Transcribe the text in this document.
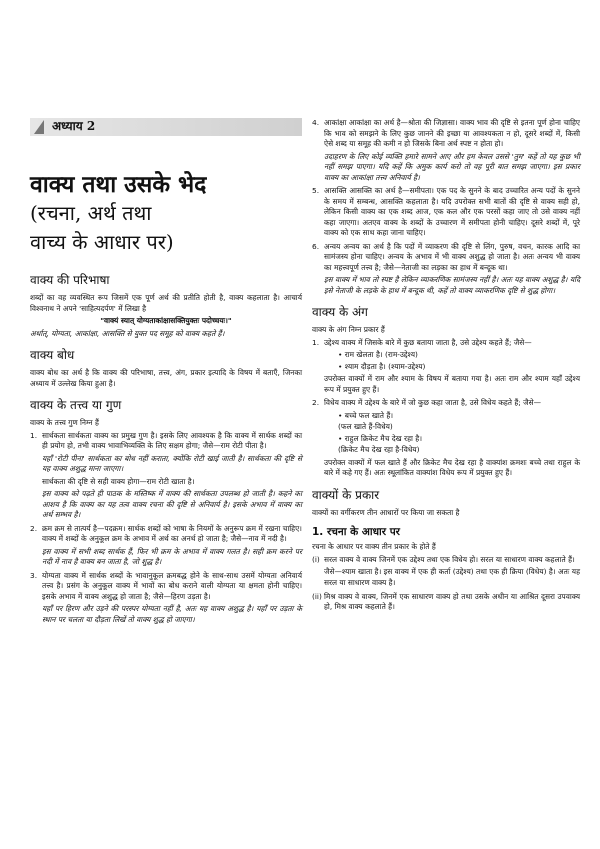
अध्याय 2
वाक्य तथा उसके भेद
(रचना, अर्थ तथा
वाच्य के आधार पर)
वाक्य की परिभाषा

शब्दों का वह व्यवस्थित रूप जिसमें एक पूर्ण अर्थ की प्रतीति होती है, वाक्य कहलाता है। आचार्य विश्वनाथ ने अपने 'साहित्यदर्पण' में लिखा है

"वाक्यं स्यात् योग्यताकांक्षासक्तियुक्तः पदोच्चयः।"

अर्थात्, योग्यता, आकांक्षा, आसक्ति से युक्त पद समूह को वाक्य कहते हैं।

वाक्य बोध

वाक्य बोध का अर्थ है कि वाक्य की परिभाषा, तत्त्व, अंग, प्रकार इत्यादि के विषय में बताएँ, जिनका अध्याय में उल्लेख किया हुआ है।

वाक्य के तत्त्व या गुण

वाक्य के तत्त्व गुण निम्न हैं

1. सार्थकता सार्थकता वाक्य का प्रमुख गुण है। इसके लिए आवश्यक है कि वाक्य में सार्थक शब्दों का ही प्रयोग हो, तभी वाक्य भावाभिव्यक्ति के लिए सक्षम होगा; जैसे—राम रोटी पीता है।

यहाँ 'रोटी पीना' सार्थकता का बोध नहीं कराता, क्योंकि रोटी खाई जाती है। सार्थकता की दृष्टि से यह वाक्य अशुद्ध माना जाएगा।

सार्थकता की दृष्टि से सही वाक्य होगा—राम रोटी खाता है।

इस वाक्य को पढ़ते ही पाठक के मस्तिष्क में वाक्य की सार्थकता उपलब्ध हो जाती है। कहने का आशय है कि वाक्य का यह तत्व वाक्य रचना की दृष्टि से अनिवार्य है। इसके अभाव में वाक्य का अर्थ सम्भव है।

2. क्रम क्रम से तात्पर्य है—पदक्रम। सार्थक शब्दों को भाषा के नियमों के अनुरूप क्रम में रखना चाहिए। वाक्य में शब्दों के अनुकूल क्रम के अभाव में अर्थ का अनर्थ हो जाता है; जैसे—नाव में नदी है।

इस वाक्य में सभी शब्द सार्थक हैं, फिर भी क्रम के अभाव में वाक्य गलत है। सही क्रम करने पर नदी में नाव है वाक्य बन जाता है, जो शुद्ध है।

3. योग्यता वाक्य में सार्थक शब्दों के भावानुकूल क्रमबद्ध होने के साथ-साथ उसमें योग्यता अनिवार्य तत्त्व है। प्रसंग के अनुकूल वाक्य में भावों का बोध कराने वाली योग्यता या क्षमता होनी चाहिए। इसके अभाव में वाक्य अशुद्ध हो जाता है; जैसे—हिरण उड़ता है।

यहाँ पर हिरण और उड़ने की परस्पर योग्यता नहीं है, अतः यह वाक्य अशुद्ध है। यहाँ पर उड़ता के स्थान पर चलता या दौड़ता लिखें तो वाक्य शुद्ध हो जाएगा।

4. आकांक्षा आकांक्षा का अर्थ है—श्रोता की जिज्ञासा। वाक्य भाव की दृष्टि से इतना पूर्ण होना चाहिए कि भाव को समझने के लिए कुछ जानने की इच्छा या आवश्यकता न हो, दूसरे शब्दों में, किसी ऐसे शब्द या समूह की कमी न हो जिसके बिना अर्थ स्पष्ट न होता हो।

उदाहरण के लिए कोई व्यक्ति हमारे सामने आए और हम केवल उससे 'तुम' कहें तो यह कुछ भी नहीं समझ पाएगा। यदि कहें कि अमुक कार्य करो तो वह पूरी बात समझ जाएगा। इस प्रकार वाक्य का आकांक्षा तत्त्व अनिवार्य है।

5. आसक्ति आसक्ति का अर्थ है—समीपता। एक पद के सुनने के बाद उच्चारित अन्य पदों के सुनने के समय में सम्बन्ध, आसक्ति कहलाता है। यदि उपरोक्त सभी बातों की दृष्टि से वाक्य सही हो, लेकिन किसी वाक्य का एक शब्द आज, एक कल और एक परसों कहा जाए तो उसे वाक्य नहीं कहा जाएगा। अतएव वाक्य के शब्दों के उच्चारण में समीपता होनी चाहिए। दूसरे शब्दों में, पूरे वाक्य को एक साथ कहा जाना चाहिए।

6. अन्वय अन्वय का अर्थ है कि पदों में व्याकरण की दृष्टि से लिंग, पुरुष, वचन, कारक आदि का सामंजस्य होना चाहिए। अन्वय के अभाव में भी वाक्य अशुद्ध हो जाता है। अतः अन्वय भी वाक्य का महत्त्वपूर्ण तत्त्व है; जैसे—नेताजी का लड़का का हाथ में बन्दूक था।

इस वाक्य में भाव तो स्पष्ट है लेकिन व्याकरणिक सामंजस्य नहीं है। अतः यह वाक्य अशुद्ध है। यदि इसे नेताजी के लड़के के हाथ में बन्दूक थी, कहें तो वाक्य व्याकरणिक दृष्टि से शुद्ध होगा।

वाक्य के अंग

वाक्य के अंग निम्न प्रकार हैं

1. उद्देश्य वाक्य में जिसके बारे में कुछ बताया जाता है, उसे उद्देश्य कहते हैं; जैसे—

• राम खेलता है। (राम-उद्देश्य)
• श्याम दौड़ता है। (श्याम-उद्देश्य)

उपरोक्त वाक्यों में राम और श्याम के विषय में बताया गया है। अतः राम और श्याम यहाँ उद्देश्य रूप में प्रयुक्त हुए हैं।

2. विधेय वाक्य में उद्देश्य के बारे में जो कुछ कहा जाता है, उसे विधेय कहते हैं; जैसे—

• बच्चे फल खाते हैं।
(फल खाते हैं-विधेय)
• राहुल क्रिकेट मैच देख रहा है।
(क्रिकेट मैच देख रहा है-विधेय)

उपरोक्त वाक्यों में फल खाते हैं और क्रिकेट मैच देख रहा है वाक्यांश क्रमशः बच्चे तथा राहुल के बारे में कहे गए हैं। अतः स्थूलांकित वाक्यांश विधेय रूप में प्रयुक्त हुए हैं।

वाक्यों के प्रकार

वाक्यों का वर्गीकरण तीन आधारों पर किया जा सकता है

1. रचना के आधार पर

रचना के आधार पर वाक्य तीन प्रकार के होते हैं

(i) सरल वाक्य वे वाक्य जिनमें एक उद्देश्य तथा एक विधेय हो। सरल या साधारण वाक्य कहलाते हैं।

जैसे—श्याम खाता है। इस वाक्य में एक ही कर्ता (उद्देश्य) तथा एक ही क्रिया (विधेय) है। अतः यह सरल या साधारण वाक्य है।

(ii) मिश्र वाक्य वे वाक्य, जिनमें एक साधारण वाक्य हो तथा उसके अधीन या आश्रित दूसरा उपवाक्य हो, मिश्र वाक्य कहलाते हैं।
